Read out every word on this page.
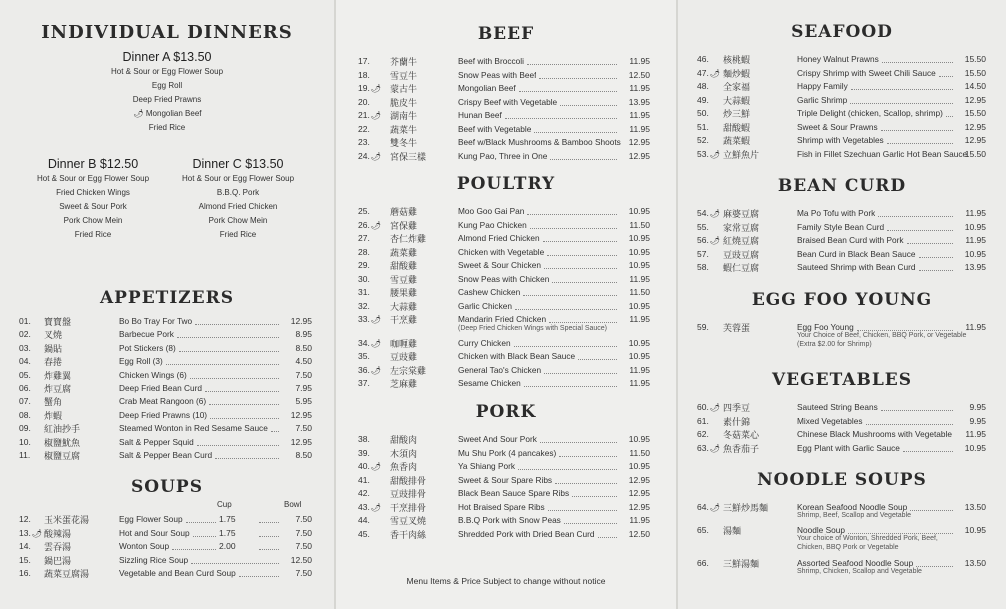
INDIVIDUAL DINNERS
Dinner A $13.50
Hot & Sour or Egg Flower Soup
Egg Roll
Deep Fried Prawns
🌶 Mongolian Beef
Fried Rice
Dinner B $12.50
Hot & Sour or Egg Flower Soup
Fried Chicken Wings
Sweet & Sour Pork
Pork Chow Mein
Fried Rice
Dinner C $13.50
Hot & Sour or Egg Flower Soup
B.B.Q. Pork
Almond Fried Chicken
Pork Chow Mein
Fried Rice
APPETIZERS
SOUPS
Cup	Bowl
BEEF
POULTRY
PORK
Menu Items & Price Subject to change without notice
SEAFOOD
BEAN CURD
EGG FOO YOUNG
VEGETABLES
NOODLE SOUPS
01. 寶寶盤	Bo Bo Tray For Two	12.95
02. 叉燒	Barbecue Pork	8.95
03. 鍋貼	Pot Stickers (8)	8.50
04. 春捲	Egg Roll (3)	4.50
05. 炸雞翼	Chicken Wings (6)	7.50
06. 炸豆腐	Deep Fried Bean Curd	7.95
07. 蟹角	Crab Meat Rangoon (6)	5.95
08. 炸蝦	Deep Fried Prawns (10)	12.95
09. 紅油抄手	Steamed Wonton in Red Sesame Sauce	7.50
10. 椒鹽魷魚	Salt & Pepper Squid	12.95
11. 椒鹽豆腐	Salt & Pepper Bean Curd	8.50
12. 玉米蛋花湯	Egg Flower Soup	1.75	7.50
13.🌶 酸辣湯	Hot and Sour Soup	1.75	7.50
14. 雲吞湯	Wonton Soup	2.00	7.50
15. 鍋巴湯	Sizzling Rice Soup	12.50
16. 蔬菜豆腐湯	Vegetable and Bean Curd Soup	7.50
17. 芥蘭牛	Beef with Broccoli	11.95
18. 雪豆牛	Snow Peas with Beef	12.50
19.🌶 蒙古牛	Mongolian Beef	11.95
20. 脆皮牛	Crispy Beef with Vegetable	13.95
21.🌶 湖南牛	Hunan Beef	11.95
22. 蔬菜牛	Beef with Vegetable	11.95
23. 雙冬牛	Beef w/Black Mushrooms & Bamboo Shoots 12.95
24.🌶 宮保三樣	Kung Pao, Three in One	12.95
25. 蘑菇雞	Moo Goo Gai Pan	10.95
26.🌶 宮保雞	Kung Pao Chicken	11.50
27. 杏仁炸雞	Almond Fried Chicken	10.95
28. 蔬菜雞	Chicken with Vegetable	10.95
29. 甜酸雞	Sweet & Sour Chicken	10.95
30. 雪豆雞	Snow Peas with Chicken	11.95
31. 腰果雞	Cashew Chicken	11.50
32. 大蒜雞	Garlic Chicken	10.95
33.🌶 干烹雞	Mandarin Fried Chicken	11.95
(Deep Fried Chicken Wings with Special Sauce)
34.🌶 咖喱雞	Curry Chicken	10.95
35. 豆豉雞	Chicken with Black Bean Sauce	10.95
36.🌶 左宗棠雞	General Tao's Chicken	11.95
37. 芝麻雞	Sesame Chicken	11.95
38. 甜酸肉	Sweet And Sour Pork	10.95
39. 木須肉	Mu Shu Pork (4 pancakes)	11.50
40.🌶 魚香肉	Ya Shiang Pork	10.95
41. 甜酸排骨	Sweet & Sour Spare Ribs	12.95
42. 豆豉排骨	Black Bean Sauce Spare Ribs	12.95
43.🌶 干烹排骨	Hot Braised Spare Ribs	12.95
44. 雪豆叉燒	B.B.Q Pork with Snow Peas	11.95
45. 香干肉絲	Shredded Pork with Dried Bean Curd	12.50
46. 核桃蝦	Honey Walnut Prawns	15.50
47.🌶 麵炒蝦	Crispy Shrimp with Sweet Chili Sauce	15.50
48. 全家福	Happy Family	14.50
49. 大蒜蝦	Garlic Shrimp	12.95
50. 炒三鮮	Triple Delight (chicken, Scallop, shrimp)	15.50
51. 甜酸蝦	Sweet & Sour Prawns	12.95
52. 蔬菜蝦	Shrimp with Vegetables	12.95
53.🌶 立鮮魚片	Fish in Fillet Szechuan Garlic Hot Bean Sauce
15.50
54.🌶 麻婆豆腐	Ma Po Tofu with Pork	11.95
55. 家常豆腐	Family Style Bean Curd	10.95
56.🌶 紅燒豆腐	Braised Bean Curd with Pork	11.95
57. 豆豉豆腐	Bean Curd in Black Bean Sauce	10.95
58. 蝦仁豆腐	Sauteed Shrimp with Bean Curd	13.95
59. 芙蓉蛋	Egg Foo Young	11.95
Your Choice of Beef, Chicken, BBQ Pork, or Vegetable
(Extra $2.00 for Shrimp)
60.🌶 四季豆	Sauteed String Beans	9.95
61. 素什錦	Mixed Vegetables	9.95
62. 冬菇菜心	Chinese Black Mushrooms with Vegetable	11.95
63.🌶 魚香茄子	Egg Plant with Garlic Sauce	10.95
64.🌶 三鮮炒馬麵	Korean Seafood Noodle Soup	13.50
Shrimp, Beef, Scallop and Vegetable
65. 湯麵	Noodle Soup	10.95
Your choice of Wonton, Shredded Pork, Beef,
Chicken, BBQ Pork or Vegetable
66. 三鮮湯麵	Assorted Seafood Noodle Soup	13.50
Shrimp, Chicken, Scallop and Vegetable
